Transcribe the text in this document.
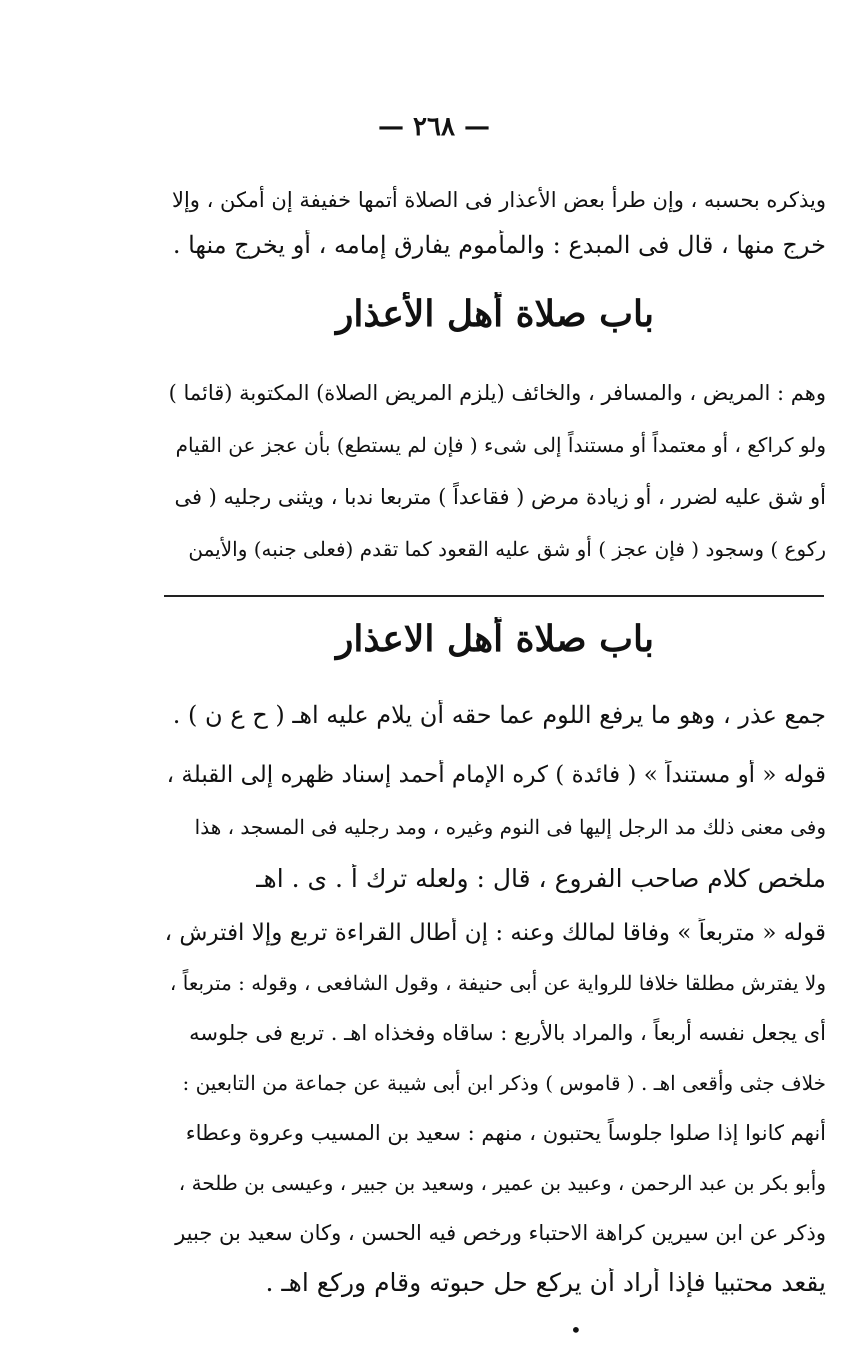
— ٢٦٨ —
ويذكره بحسبه ، وإن طرأ بعض الأعذار فى الصلاة أتمها خفيفة إن أمكن ، وإلا
خرج منها ، قال فى المبدع : والمأموم يفارق إمامه ، أو يخرج منها .
باب صلاة أهل الأعذار
وهم : المريض ، والمسافر ، والخائف (يلزم المريض الصلاة) المكتوبة (قائما )
ولو كراكع ، أو معتمداً أو مستنداً إلى شىء ( فإن لم يستطع) بأن عجز عن القيام
أو شق عليه لضرر ، أو زيادة مرض ( فقاعداً ) متربعا ندبا ، ويثنى رجليه ( فى
ركوع ) وسجود ( فإن عجز ) أو شق عليه القعود كما تقدم (فعلى جنبه) والأيمن
باب صلاة أهل الاعذار
جمع عذر ، وهو ما يرفع اللوم عما حقه أن يلام عليه اهـ ( ح ع ن ) .
قوله « أو مستنداً » ( فائدة ) كره الإمام أحمد إسناد ظهره إلى القبلة ،
وفى معنى ذلك مد الرجل إليها فى النوم وغيره ، ومد رجليه فى المسجد ، هذا
ملخص كلام صاحب الفروع ، قال : ولعله ترك أ . ى . اهـ
قوله « متربعاً » وفاقا لمالك وعنه : إن أطال القراءة تربع وإلا افترش ،
ولا يفترش مطلقا خلافا للرواية عن أبى حنيفة ، وقول الشافعى ، وقوله : متربعاً ،
أى يجعل نفسه أربعاً ، والمراد بالأربع : ساقاه وفخذاه اهـ . تربع فى جلوسه
خلاف جثى وأقعى اهـ . ( قاموس ) وذكر ابن أبى شيبة عن جماعة من التابعين :
أنهم كانوا إذا صلوا جلوساً يحتبون ، منهم : سعيد بن المسيب وعروة وعطاء
وأبو بكر بن عبد الرحمن ، وعبيد بن عمير ، وسعيد بن جبير ، وعيسى بن طلحة ،
وذكر عن ابن سيرين كراهة الاحتباء ورخص فيه الحسن ، وكان سعيد بن جبير
يقعد محتبيا فإذا أراد أن يركع حل حبوته وقام وركع اهـ .
•
